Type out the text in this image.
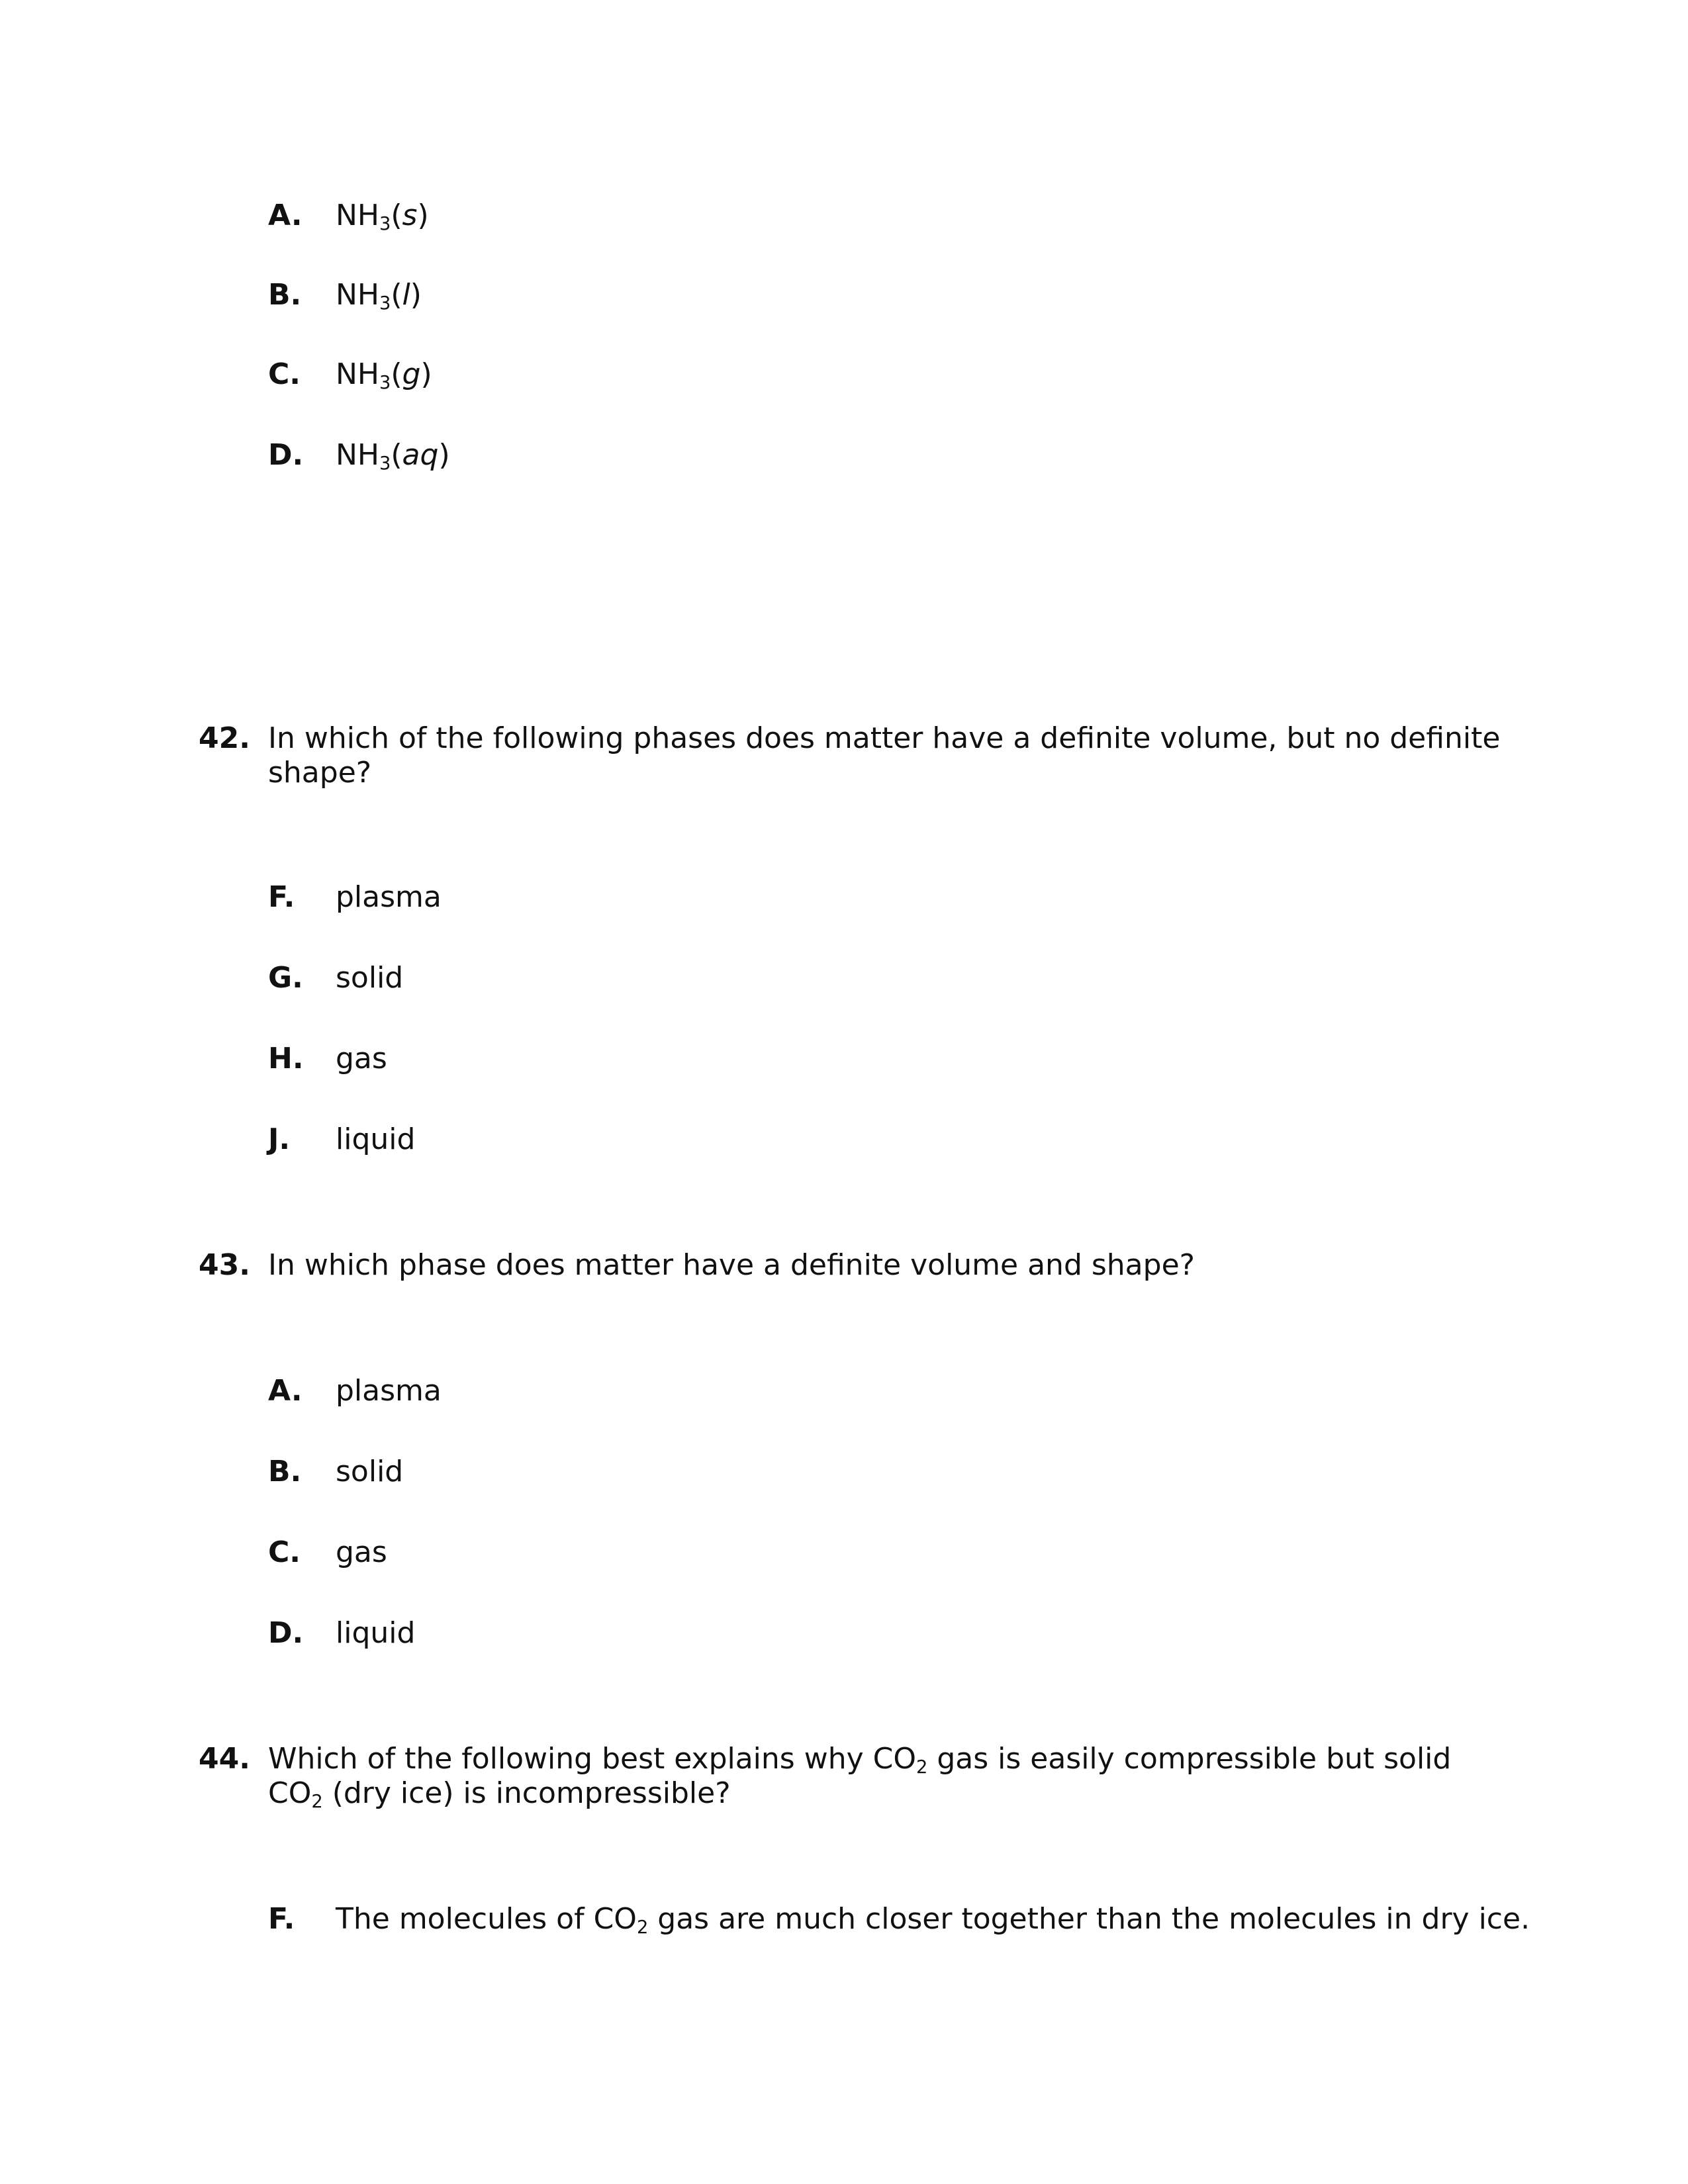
A. $NH_3(s)$
B. $NH_3(l)$
C. $NH_3(g)$
D. $NH_3(aq)$
42. In which of the following phases does matter have a definite volume, but no definite
shape?
F. plasma
G. solid
H. gas
J. liquid
43. In which phase does matter have a definite volume and shape?
A. plasma
B. solid
C. gas
D. liquid
44. Which of the following best explains why $CO_2$ gas is easily compressible but solid
$CO_2$ (dry ice) is incompressible?
F. The molecules of $CO_2$ gas are much closer together than the molecules in dry ice.
